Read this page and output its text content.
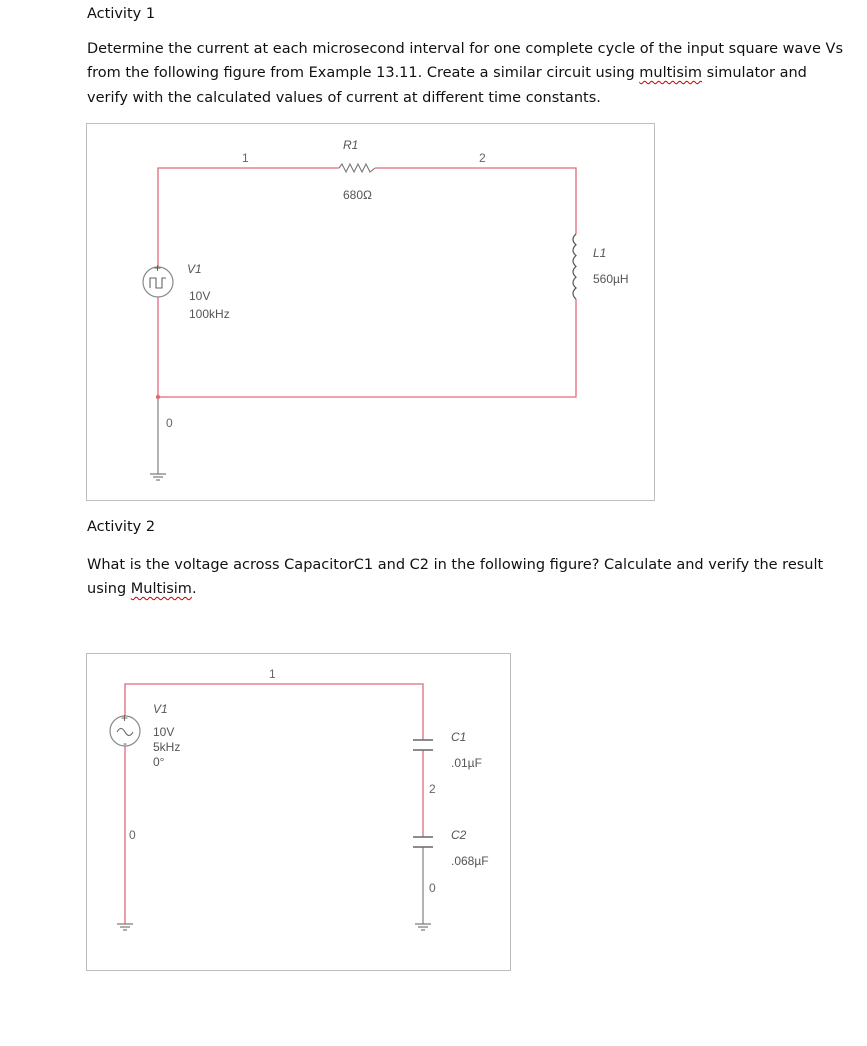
Activity 1
Determine the current at each microsecond interval for one complete cycle of the input square wave Vs
from the following figure from Example 13.11. Create a similar circuit using multisim simulator and
verify with the calculated values of current at different time constants.
+ V1
10V
100kHz
R1
680Ω
L1
560µH
1	2
0
Activity 2
What is the voltage across CapacitorC1 and C2 in the following figure? Calculate and verify the result
using Multisim.
+
-
V1
10V
5kHz
0°
C1
.01µF
C2
.068µF
1
2
0
0
